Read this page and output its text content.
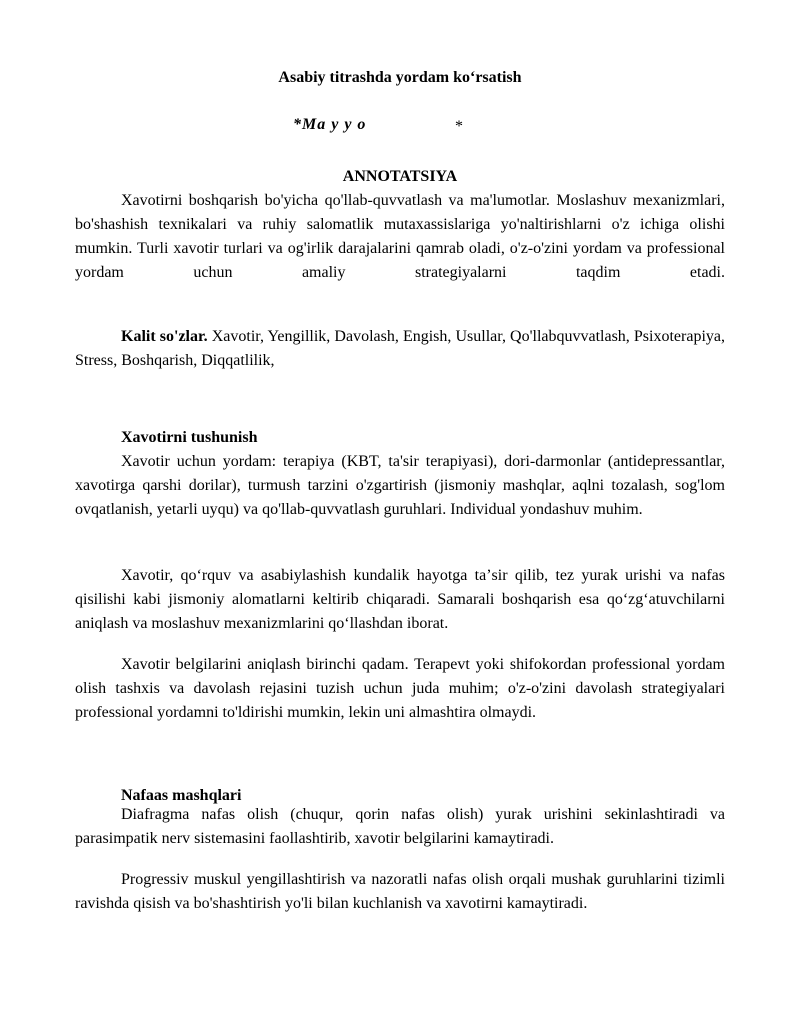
Asabiy titrashda yordam koʻrsatish
*Ma y y o	*
ANNOTATSIYA
Xavotirni boshqarish bo'yicha qo'llab-quvvatlash va ma'lumotlar. Moslashuv mexanizmlari, bo'shashish texnikalari va ruhiy salomatlik mutaxassislariga yo'naltirishlarni o'z ichiga olishi mumkin. Turli xavotir turlari va og'irlik darajalarini qamrab oladi, o'z-o'zini yordam va professional yordam uchun amaliy strategiyalarni taqdim etadi.
Kalit so'zlar. Xavotir, Yengillik, Davolash, Engish, Usullar, Qo'llabquvvatlash, Psixoterapiya, Stress, Boshqarish, Diqqatlilik,
Xavotirni tushunish
Xavotir uchun yordam: terapiya (KBT, ta'sir terapiyasi), dori-darmonlar (antidepressantlar, xavotirga qarshi dorilar), turmush tarzini o'zgartirish (jismoniy mashqlar, aqlni tozalash, sog'lom ovqatlanish, yetarli uyqu) va qo'llab-quvvatlash guruhlari. Individual yondashuv muhim.
Xavotir, qoʻrquv va asabiylashish kundalik hayotga taʼsir qilib, tez yurak urishi va nafas qisilishi kabi jismoniy alomatlarni keltirib chiqaradi. Samarali boshqarish esa qoʻzgʻatuvchilarni aniqlash va moslashuv mexanizmlarini qoʻllashdan iborat.
Xavotir belgilarini aniqlash birinchi qadam. Terapevt yoki shifokordan professional yordam olish tashxis va davolash rejasini tuzish uchun juda muhim; o'z-o'zini davolash strategiyalari professional yordamni to'ldirishi mumkin, lekin uni almashtira olmaydi.
Nafaas mashqlari
Diafragma nafas olish (chuqur, qorin nafas olish) yurak urishini sekinlashtiradi va parasimpatik nerv sistemasini faollashtirib, xavotir belgilarini kamaytiradi.
Progressiv muskul yengillashtirish va nazoratli nafas olish orqali mushak guruhlarini tizimli ravishda qisish va bo'shashtirish yo'li bilan kuchlanish va xavotirni kamaytiradi.
